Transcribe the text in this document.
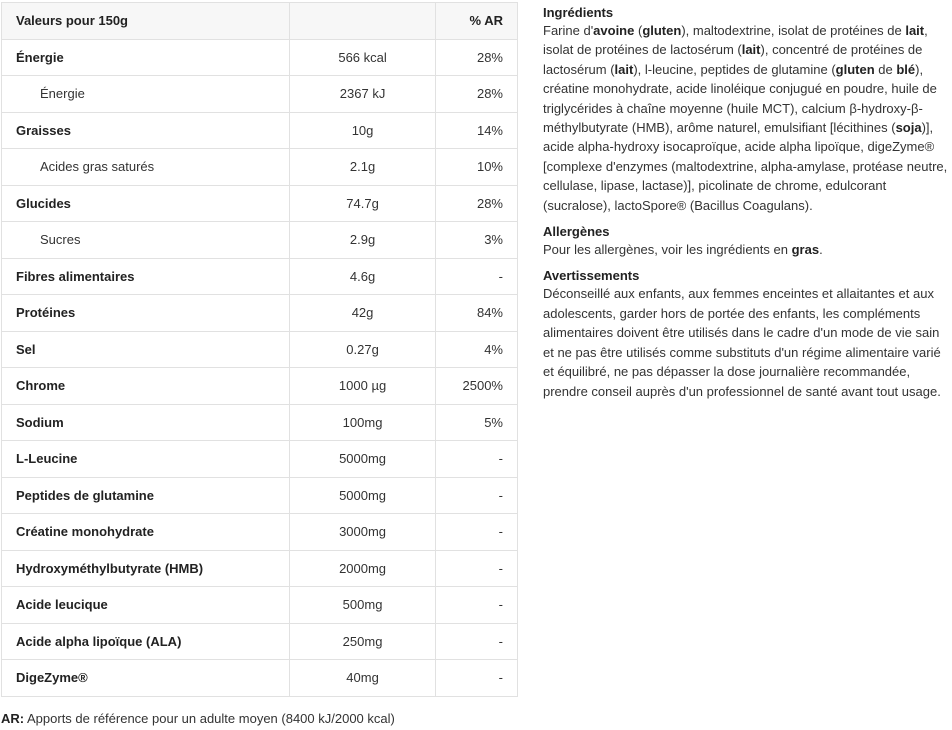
Valeurs pour 150g		% AR
Énergie	566 kcal	28%
Énergie	2367 kJ	28%
Graisses	10g	14%
Acides gras saturés	2.1g	10%
Glucides	74.7g	28%
Sucres	2.9g	3%
Fibres alimentaires	4.6g	-
Protéines	42g	84%
Sel	0.27g	4%
Chrome	1000 µg	2500%
Sodium	100mg	5%
L-Leucine	5000mg	-
Peptides de glutamine	5000mg	-
Créatine monohydrate	3000mg	-
Hydroxyméthylbutyrate (HMB)	2000mg	-
Acide leucique	500mg	-
Acide alpha lipoïque (ALA)	250mg	-
DigeZyme®	40mg	-
AR: Apports de référence pour un adulte moyen (8400 kJ/2000 kcal)
Ingrédients

Farine d'avoine (gluten), maltodextrine, isolat de protéines de lait, isolat de protéines de lactosérum (lait), concentré de protéines de lactosérum (lait), l-leucine, peptides de glutamine (gluten de blé), créatine monohydrate, acide linoléique conjugué en poudre, huile de triglycérides à chaîne moyenne (huile MCT), calcium β-hydroxy-β-méthylbutyrate (HMB), arôme naturel, emulsifiant [lécithines (soja)], acide alpha-hydroxy isocaproïque, acide alpha lipoïque, digeZyme® [complexe d'enzymes (maltodextrine, alpha-amylase, protéase neutre, cellulase, lipase, lactase)], picolinate de chrome, edulcorant (sucralose), lactoSpore® (Bacillus Coagulans).

Allergènes

Pour les allergènes, voir les ingrédients en gras.

Avertissements

Déconseillé aux enfants, aux femmes enceintes et allaitantes et aux adolescents, garder hors de portée des enfants, les compléments alimentaires doivent être utilisés dans le cadre d'un mode de vie sain et ne pas être utilisés comme substituts d'un régime alimentaire varié et équilibré, ne pas dépasser la dose journalière recommandée, prendre conseil auprès d'un professionnel de santé avant tout usage.
